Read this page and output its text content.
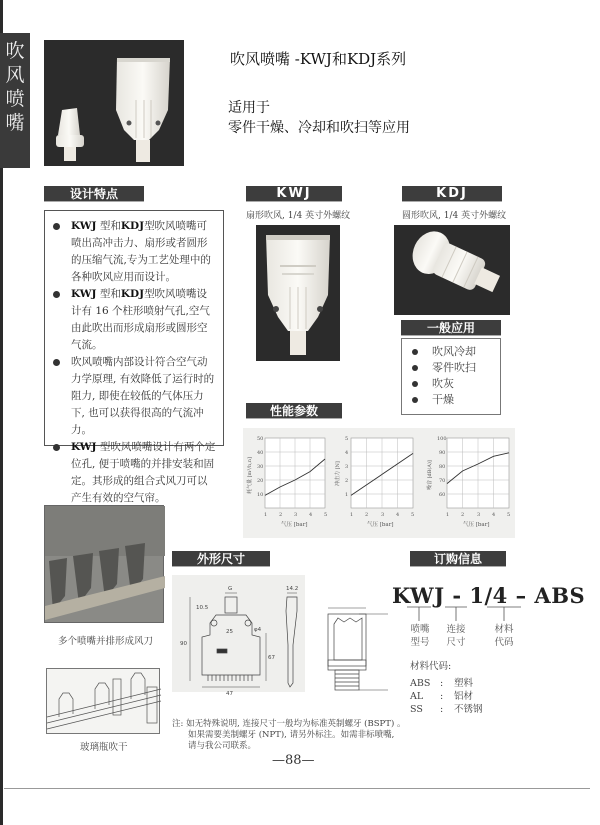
吹
风
喷
嘴
吹风喷嘴 -KWJ和KDJ系列
适用于
零件干燥、冷却和吹扫等应用
设计特点
KWJ 型和KDJ型吹风喷嘴可喷出高冲击力、扇形或者圆形的压缩气流,专为工艺处理中的各种吹风应用而设计。
KWJ 型和KDJ型吹风喷嘴设计有 16 个柱形喷射气孔,空气由此吹出而形成扇形或圆形空气流。
吹风喷嘴内部设计符合空气动力学原理, 有效降低了运行时的阻力, 即使在较低的气体压力下, 也可以获得很高的气流冲力。
KWJ 型吹风喷嘴设计有两个定位孔, 便于喷嘴的并排安装和固定。其形成的组合式风刀可以产生有效的空气帘。
KWJ
扇形吹风, 1/4 英寸外螺纹
KDJ
圆形吹风, 1/4 英寸外螺纹
一般应用
吹风冷却
零件吹扫
吹灰
干燥
性能参数
50
40
30
20
10
1 2 3 4 5
气压 [bar]
耗气量 [m³/h,n]
5
4
3
2
1
1 2	3 4 5
气压 [bar]
冲击力 [N]
100
90
80
70
60
1 2	3 4 5
气压 [bar]
噪音 [dB(A)]
多个喷嘴并排形成风刀
玻璃瓶吹干
外形尺寸
G
90
10.5
φ4
25
67
47
14.2
订购信息
KWJ - 1/4 – ABS
喷嘴
型号
连接
尺寸
材料
代码
材料代码:
ABS : 塑料
AL : 铝材
SS : 不锈钢
注: 如无特殊说明, 连接尺寸一般均为标准英制螺牙 (BSPT) 。
如果需要美制螺牙 (NPT), 请另外标注。如需非标喷嘴,
请与我公司联系。
—88—
